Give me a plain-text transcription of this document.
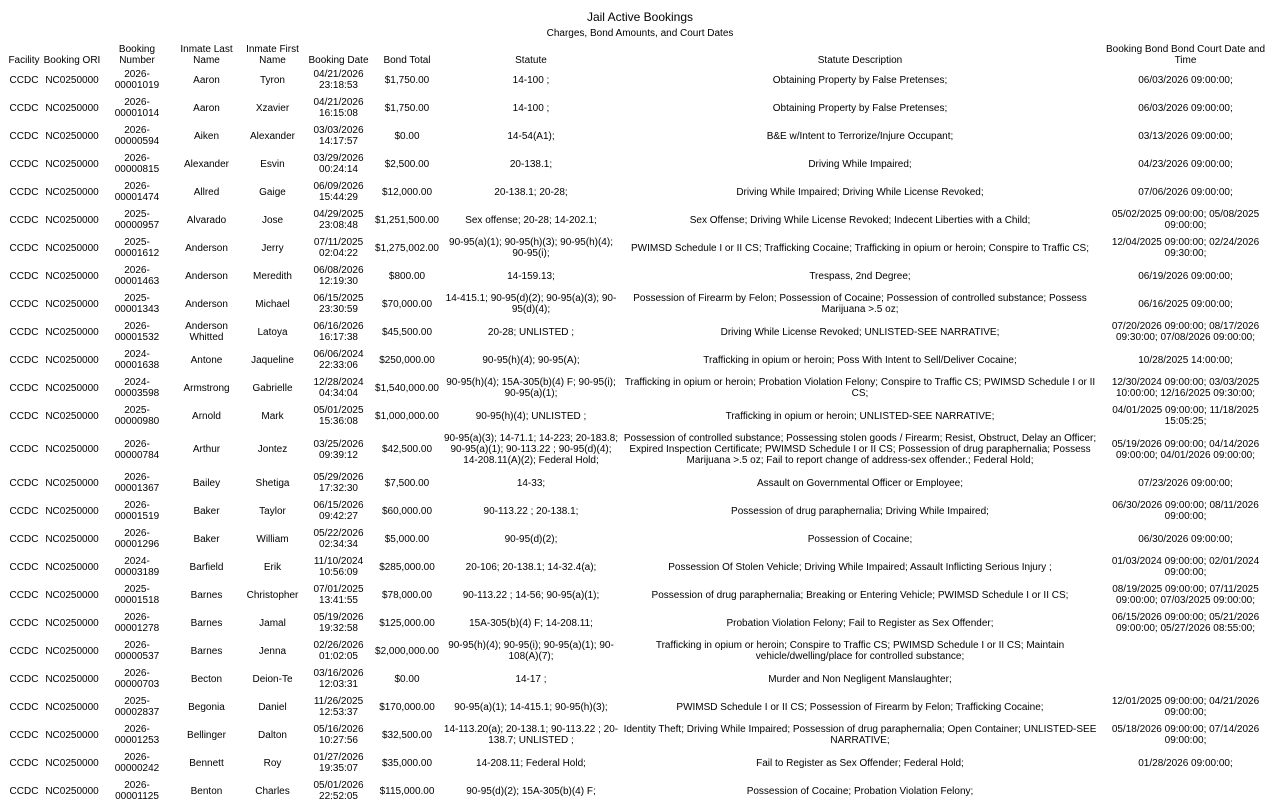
Jail Active Bookings
Charges, Bond Amounts, and Court Dates
Facility	Booking ORI	Booking Number	Inmate Last Name	Inmate First Name	Booking Date	Bond Total	Statute	Statute Description	Booking Bond Bond Court Date and Time
CCDC	NC0250000	2026-00001019	Aaron	Tyron	04/21/2026 23:18:53	$1,750.00	14-100 ;	Obtaining Property by False Pretenses;	06/03/2026 09:00:00;
CCDC	NC0250000	2026-00001014	Aaron	Xzavier	04/21/2026 16:15:08	$1,750.00	14-100 ;	Obtaining Property by False Pretenses;	06/03/2026 09:00:00;
CCDC	NC0250000	2026-00000594	Aiken	Alexander	03/03/2026 14:17:57	$0.00	14-54(A1);	B&E w/Intent to Terrorize/Injure Occupant;	03/13/2026 09:00:00;
CCDC	NC0250000	2026-00000815	Alexander	Esvin	03/29/2026 00:24:14	$2,500.00	20-138.1;	Driving While Impaired;	04/23/2026 09:00:00;
CCDC	NC0250000	2026-00001474	Allred	Gaige	06/09/2026 15:44:29	$12,000.00	20-138.1; 20-28;	Driving While Impaired; Driving While License Revoked;	07/06/2026 09:00:00;
CCDC	NC0250000	2025-00000957	Alvarado	Jose	04/29/2025 23:08:48	$1,251,500.00	Sex offense; 20-28; 14-202.1;	Sex Offense; Driving While License Revoked; Indecent Liberties with a Child;	05/02/2025 09:00:00; 05/08/2025 09:00:00;
CCDC	NC0250000	2025-00001612	Anderson	Jerry	07/11/2025 02:04:22	$1,275,002.00	90-95(a)(1); 90-95(h)(3); 90-95(h)(4); 90-95(i);	PWIMSD Schedule I or II CS; Trafficking Cocaine; Trafficking in opium or heroin; Conspire to Traffic CS;	12/04/2025 09:00:00; 02/24/2026 09:30:00;
CCDC	NC0250000	2026-00001463	Anderson	Meredith	06/08/2026 12:19:30	$800.00	14-159.13;	Trespass, 2nd Degree;	06/19/2026 09:00:00;
CCDC	NC0250000	2025-00001343	Anderson	Michael	06/15/2025 23:30:59	$70,000.00	14-415.1; 90-95(d)(2); 90-95(a)(3); 90-95(d)(4);	Possession of Firearm by Felon; Possession of Cocaine; Possession of controlled substance; Possess Marijuana >.5 oz;	06/16/2025 09:00:00;
CCDC	NC0250000	2026-00001532	Anderson Whitted	Latoya	06/16/2026 16:17:38	$45,500.00	20-28; UNLISTED ;	Driving While License Revoked; UNLISTED-SEE NARRATIVE;	07/20/2026 09:00:00; 08/17/2026 09:30:00; 07/08/2026 09:00:00;
CCDC	NC0250000	2024-00001638	Antone	Jaqueline	06/06/2024 22:33:06	$250,000.00	90-95(h)(4); 90-95(A);	Trafficking in opium or heroin; Poss With Intent to Sell/Deliver Cocaine;	10/28/2025 14:00:00;
CCDC	NC0250000	2024-00003598	Armstrong	Gabrielle	12/28/2024 04:34:04	$1,540,000.00	90-95(h)(4); 15A-305(b)(4) F; 90-95(i); 90-95(a)(1);	Trafficking in opium or heroin; Probation Violation Felony; Conspire to Traffic CS; PWIMSD Schedule I or II CS;	12/30/2024 09:00:00; 03/03/2025 10:00:00; 12/16/2025 09:30:00;
CCDC	NC0250000	2025-00000980	Arnold	Mark	05/01/2025 15:36:08	$1,000,000.00	90-95(h)(4); UNLISTED ;	Trafficking in opium or heroin; UNLISTED-SEE NARRATIVE;	04/01/2025 09:00:00; 11/18/2025 15:05:25;
CCDC	NC0250000	2026-00000784	Arthur	Jontez	03/25/2026 09:39:12	$42,500.00	90-95(a)(3); 14-71.1; 14-223; 20-183.8; 90-95(a)(1); 90-113.22 ; 90-95(d)(4); 14-208.11(A)(2); Federal Hold;	Possession of controlled substance; Possessing stolen goods / Firearm; Resist, Obstruct, Delay an Officer; Expired Inspection Certificate; PWIMSD Schedule I or II CS; Possession of drug paraphernalia; Possess Marijuana >.5 oz; Fail to report change of address-sex offender.; Federal Hold;	05/19/2026 09:00:00; 04/14/2026 09:00:00; 04/01/2026 09:00:00;
CCDC	NC0250000	2026-00001367	Bailey	Shetiga	05/29/2026 17:32:30	$7,500.00	14-33;	Assault on Governmental Officer or Employee;	07/23/2026 09:00:00;
CCDC	NC0250000	2026-00001519	Baker	Taylor	06/15/2026 09:42:27	$60,000.00	90-113.22 ; 20-138.1;	Possession of drug paraphernalia; Driving While Impaired;	06/30/2026 09:00:00; 08/11/2026 09:00:00;
CCDC	NC0250000	2026-00001296	Baker	William	05/22/2026 02:34:34	$5,000.00	90-95(d)(2);	Possession of Cocaine;	06/30/2026 09:00:00;
CCDC	NC0250000	2024-00003189	Barfield	Erik	11/10/2024 10:56:09	$285,000.00	20-106; 20-138.1; 14-32.4(a);	Possession Of Stolen Vehicle; Driving While Impaired; Assault Inflicting Serious Injury ;	01/03/2024 09:00:00; 02/01/2024 09:00:00;
CCDC	NC0250000	2025-00001518	Barnes	Christopher	07/01/2025 13:41:55	$78,000.00	90-113.22 ; 14-56; 90-95(a)(1);	Possession of drug paraphernalia; Breaking or Entering Vehicle; PWIMSD Schedule I or II CS;	08/19/2025 09:00:00; 07/11/2025 09:00:00; 07/03/2025 09:00:00;
CCDC	NC0250000	2026-00001278	Barnes	Jamal	05/19/2026 19:32:58	$125,000.00	15A-305(b)(4) F; 14-208.11;	Probation Violation Felony; Fail to Register as Sex Offender;	06/15/2026 09:00:00; 05/21/2026 09:00:00; 05/27/2026 08:55:00;
CCDC	NC0250000	2026-00000537	Barnes	Jenna	02/26/2026 01:02:05	$2,000,000.00	90-95(h)(4); 90-95(i); 90-95(a)(1); 90-108(A)(7);	Trafficking in opium or heroin; Conspire to Traffic CS; PWIMSD Schedule I or II CS; Maintain vehicle/dwelling/place for controlled substance;	
CCDC	NC0250000	2026-00000703	Becton	Deion-Te	03/16/2026 12:03:31	$0.00	14-17 ;	Murder and Non Negligent Manslaughter;	
CCDC	NC0250000	2025-00002837	Begonia	Daniel	11/26/2025 12:53:37	$170,000.00	90-95(a)(1); 14-415.1; 90-95(h)(3);	PWIMSD Schedule I or II CS; Possession of Firearm by Felon; Trafficking Cocaine;	12/01/2025 09:00:00; 04/21/2026 09:00:00;
CCDC	NC0250000	2026-00001253	Bellinger	Dalton	05/16/2026 10:27:56	$32,500.00	14-113.20(a); 20-138.1; 90-113.22 ; 20-138.7; UNLISTED ;	Identity Theft; Driving While Impaired; Possession of drug paraphernalia; Open Container; UNLISTED-SEE NARRATIVE;	05/18/2026 09:00:00; 07/14/2026 09:00:00;
CCDC	NC0250000	2026-00000242	Bennett	Roy	01/27/2026 19:35:07	$35,000.00	14-208.11; Federal Hold;	Fail to Register as Sex Offender; Federal Hold;	01/28/2026 09:00:00;
CCDC	NC0250000	2026-00001125	Benton	Charles	05/01/2026 22:52:05	$115,000.00	90-95(d)(2); 15A-305(b)(4) F;	Possession of Cocaine; Probation Violation Felony;	
